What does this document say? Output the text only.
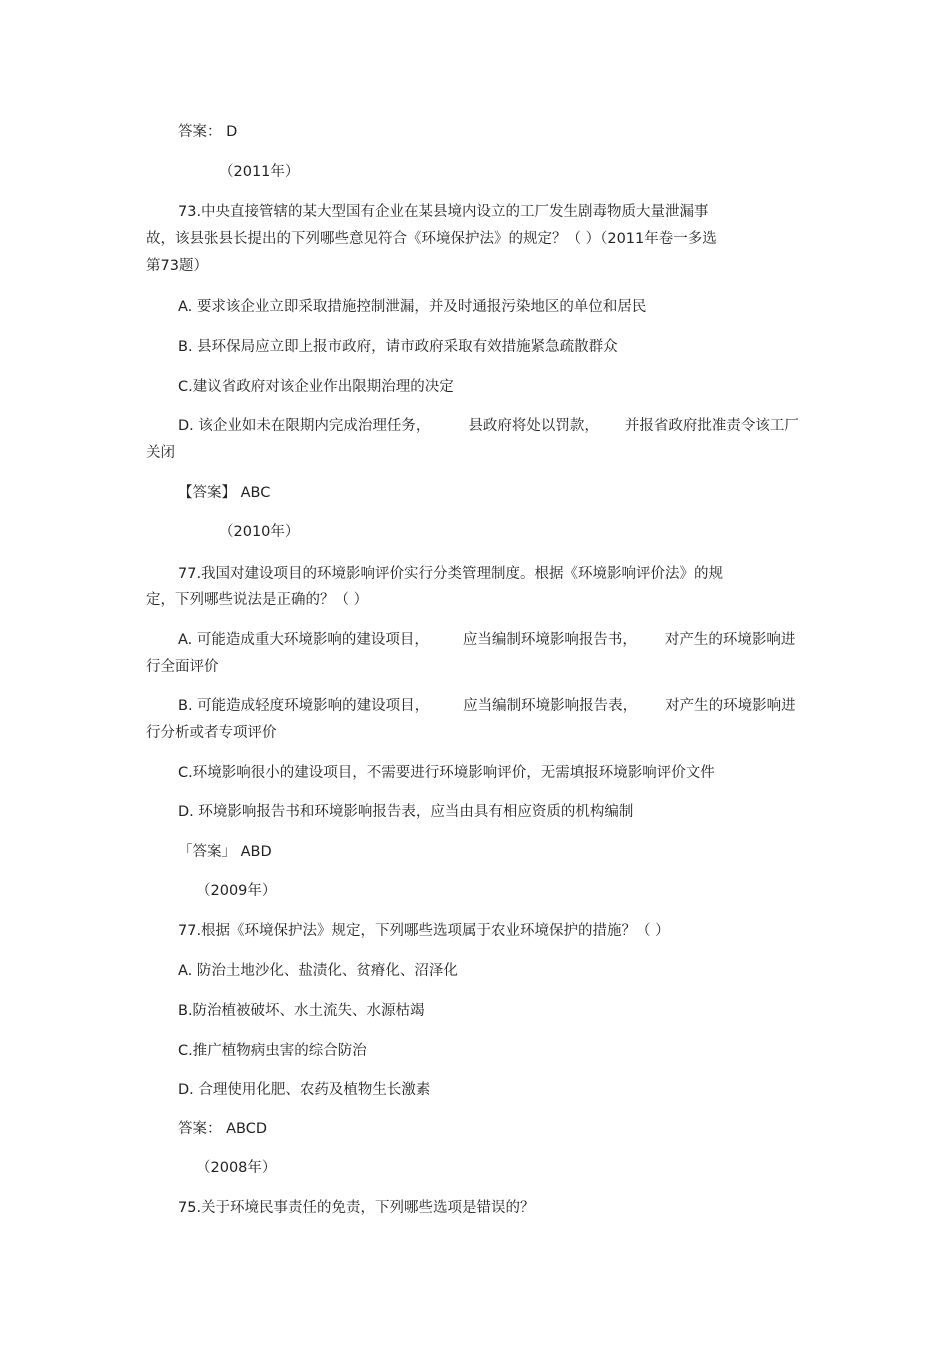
答案： D

（2011年）

73.中央直接管辖的某大型国有企业在某县境内设立的工厂发生剧毒物质大量泄漏事

故，该县张县长提出的下列哪些意见符合《环境保护法》的规定？（ ）（2011年卷一多选

第73题）

A. 要求该企业立即采取措施控制泄漏，并及时通报污染地区的单位和居民

B. 县环保局应立即上报市政府，请市政府采取有效措施紧急疏散群众

C.建议省政府对该企业作出限期治理的决定

D. 该企业如未在限期内完成治理任务，	县政府将处以罚款， 并报省政府批准责令该工厂

关闭

【答案】 ABC

（2010年）

77.我国对建设项目的环境影响评价实行分类管理制度。根据《环境影响评价法》的规

定，下列哪些说法是正确的？（ ）

A. 可能造成重大环境影响的建设项目， 应当编制环境影响报告书， 对产生的环境影响进

行全面评价

B. 可能造成轻度环境影响的建设项目， 应当编制环境影响报告表， 对产生的环境影响进

行分析或者专项评价

C.环境影响很小的建设项目，不需要进行环境影响评价，无需填报环境影响评价文件

D. 环境影响报告书和环境影响报告表，应当由具有相应资质的机构编制

「答案」 ABD

（2009年）

77.根据《环境保护法》规定，下列哪些选项属于农业环境保护的措施？（ ）

A. 防治土地沙化、盐渍化、贫瘠化、沼泽化

B.防治植被破坏、水土流失、水源枯竭

C.推广植物病虫害的综合防治

D. 合理使用化肥、农药及植物生长激素

答案： ABCD

（2008年）

75.关于环境民事责任的免责，下列哪些选项是错误的？
